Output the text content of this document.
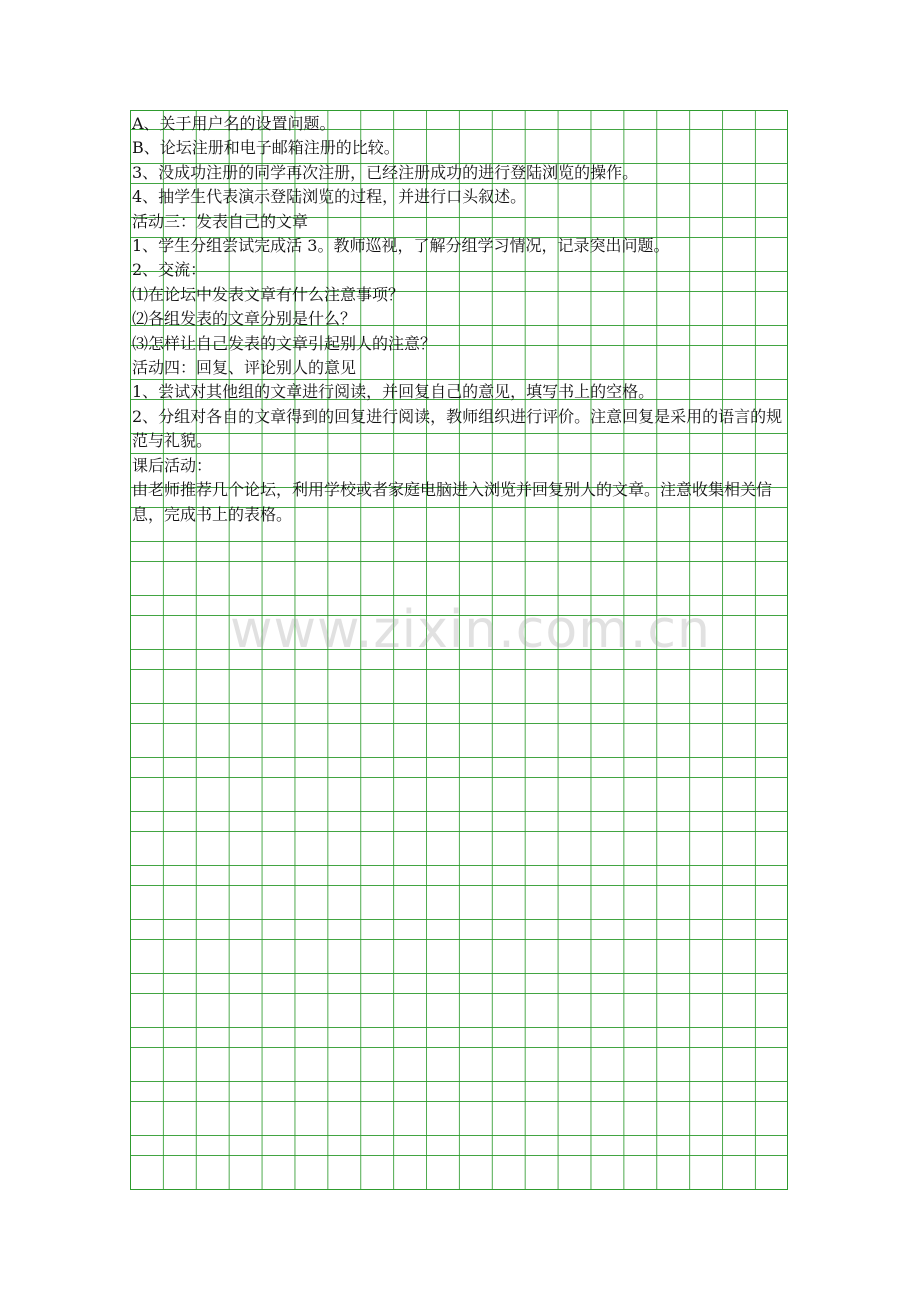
A、关于用户名的设置问题。

B、论坛注册和电子邮箱注册的比较。

3、没成功注册的同学再次注册，已经注册成功的进行登陆浏览的操作。

4、抽学生代表演示登陆浏览的过程，并进行口头叙述。

活动三：发表自己的文章

1、学生分组尝试完成活 3。教师巡视，了解分组学习情况，记录突出问题。

2、交流：

⑴在论坛中发表文章有什么注意事项？

⑵各组发表的文章分别是什么？

⑶怎样让自己发表的文章引起别人的注意？

活动四：回复、评论别人的意见

1、尝试对其他组的文章进行阅读，并回复自己的意见，填写书上的空格。

2、分组对各自的文章得到的回复进行阅读，教师组织进行评价。注意回复是采用的语言的规范与礼貌。

课后活动：

由老师推荐几个论坛，利用学校或者家庭电脑进入浏览并回复别人的文章。注意收集相关信息，完成书上的表格。

www.zixin.com.cn
